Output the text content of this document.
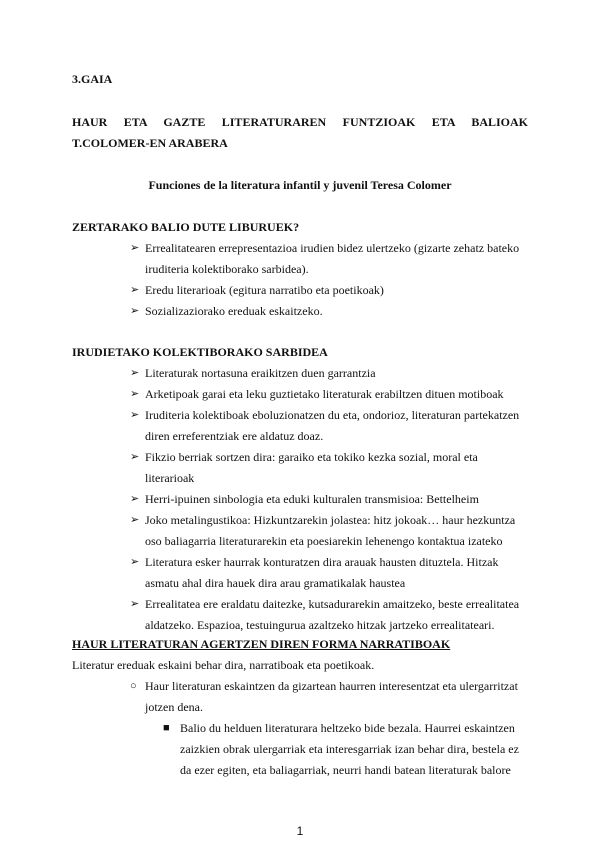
3.GAIA
HAUR ETA GAZTE LITERATURAREN FUNTZIOAK ETA BALIOAK
T.COLOMER-EN ARABERA
Funciones de la literatura infantil y juvenil Teresa Colomer
ZERTARAKO BALIO DUTE LIBURUEK?
➢ Errealitatearen errepresentazioa irudien bidez ulertzeko (gizarte zehatz bateko
iruditeria kolektiborako sarbidea).
➢ Eredu literarioak (egitura narratibo eta poetikoak)
➢ Sozializaziorako ereduak eskaitzeko.
IRUDIETAKO KOLEKTIBORAKO SARBIDEA
➢ Literaturak nortasuna eraikitzen duen garrantzia
➢ Arketipoak garai eta leku guztietako literaturak erabiltzen dituen motiboak
➢ Iruditeria kolektiboak eboluzionatzen du eta, ondorioz, literaturan partekatzen
diren erreferentziak ere aldatuz doaz.
➢ Fikzio berriak sortzen dira: garaiko eta tokiko kezka sozial, moral eta
literarioak
➢ Herri-ipuinen sinbologia eta eduki kulturalen transmisioa: Bettelheim
➢ Joko metalingustikoa: Hizkuntzarekin jolastea: hitz jokoak… haur hezkuntza
oso baliagarria literaturarekin eta poesiarekin lehenengo kontaktua izateko
➢ Literatura esker haurrak konturatzen dira arauak hausten dituztela. Hitzak
asmatu ahal dira hauek dira arau gramatikalak haustea
➢ Errealitatea ere eraldatu daitezke, kutsadurarekin amaitzeko, beste errealitatea
aldatzeko. Espazioa, testuingurua azaltzeko hitzak jartzeko errealitateari.
HAUR LITERATURAN AGERTZEN DIREN FORMA NARRATIBOAK
Literatur ereduak eskaini behar dira, narratiboak eta poetikoak.
○ Haur literaturan eskaintzen da gizartean haurren interesentzat eta ulergarritzat
jotzen dena.
■ Balio du helduen literaturara heltzeko bide bezala. Haurrei eskaintzen
zaizkien obrak ulergarriak eta interesgarriak izan behar dira, bestela ez
da ezer egiten, eta baliagarriak, neurri handi batean literaturak balore
1
